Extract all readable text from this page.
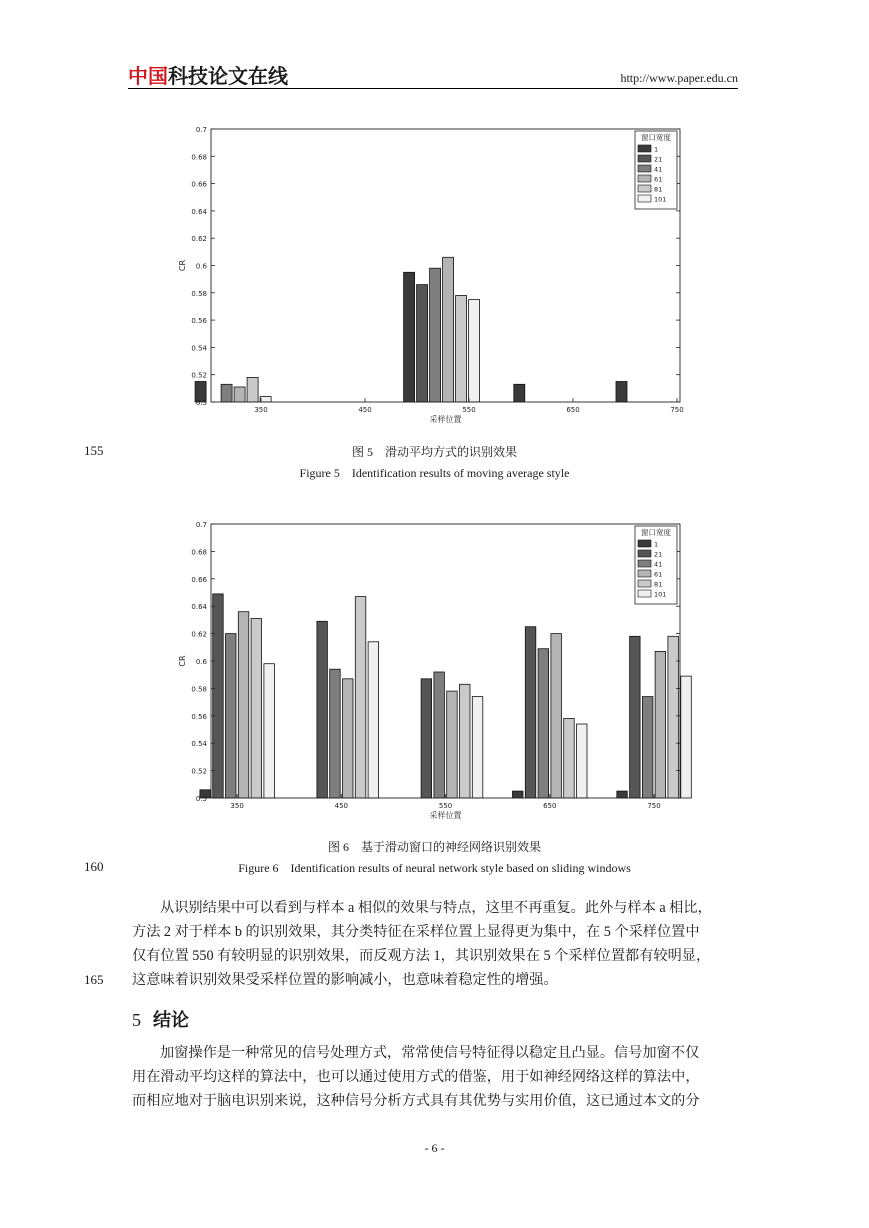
中国科技论文在线	http://www.paper.edu.cn
0.5
0.52
0.54
0.56
0.58
0.6
0.62
0.64
0.66
0.68
0.7
350	450	550	650	750
采样位置
CR
窗口宽度
1
21
41
61
81
101
155	图 5　滑动平均方式的识别效果
Figure 5　Identification results of moving average style
0.5
0.52
0.54
0.56
0.58
0.6
0.62
0.64
0.66
0.68
0.7
350	450	550	650	750
采样位置
CR
窗口宽度
1
21
41
61
81
101
图 6　基于滑动窗口的神经网络识别效果
160	Figure 6　Identification results of neural network style based on sliding windows

从识别结果中可以看到与样本 a 相似的效果与特点，这里不再重复。此外与样本 a 相比，

方法 2 对于样本 b 的识别效果，其分类特征在采样位置上显得更为集中，在 5 个采样位置中

仅有位置 550 有较明显的识别效果，而反观方法 1，其识别效果在 5 个采样位置都有较明显，

这意味着识别效果受采样位置的影响减小，也意味着稳定性的增强。

165
5 结论

加窗操作是一种常见的信号处理方式，常常使信号特征得以稳定且凸显。信号加窗不仅

用在滑动平均这样的算法中，也可以通过使用方式的借鉴，用于如神经网络这样的算法中，

而相应地对于脑电识别来说，这种信号分析方式具有其优势与实用价值，这已通过本文的分

- 6 -
